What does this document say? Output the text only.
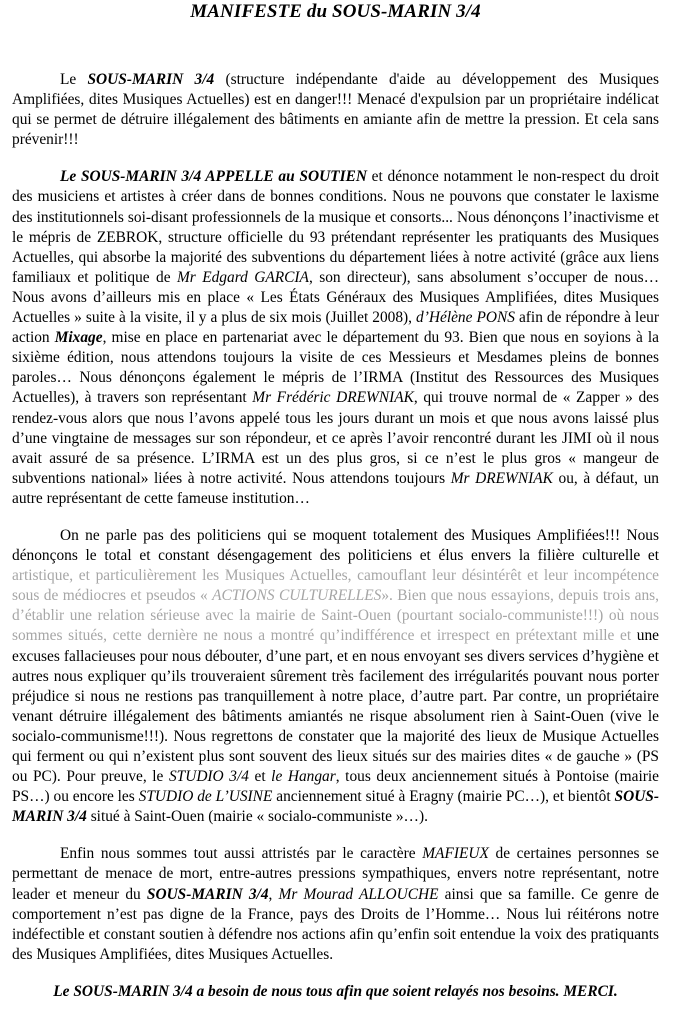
MANIFESTE du SOUS-MARIN 3/4

Le SOUS-MARIN 3/4 (structure indépendante d'aide au développement des Musiques Amplifiées, dites Musiques Actuelles) est en danger!!! Menacé d'expulsion par un propriétaire indélicat qui se permet de détruire illégalement des bâtiments en amiante afin de mettre la pression. Et cela sans prévenir!!!

Le SOUS-MARIN 3/4 APPELLE au SOUTIEN et dénonce notamment le non-respect du droit des musiciens et artistes à créer dans de bonnes conditions. Nous ne pouvons que constater le laxisme des institutionnels soi-disant professionnels de la musique et consorts... Nous dénonçons l’inactivisme et le mépris de ZEBROK, structure officielle du 93 prétendant représenter les pratiquants des Musiques Actuelles, qui absorbe la majorité des subventions du département liées à notre activité (grâce aux liens familiaux et politique de Mr Edgard GARCIA, son directeur), sans absolument s’occuper de nous… Nous avons d’ailleurs mis en place « Les États Généraux des Musiques Amplifiées, dites Musiques Actuelles » suite à la visite, il y a plus de six mois (Juillet 2008), d’Hélène PONS afin de répondre à leur action Mixage, mise en place en partenariat avec le département du 93. Bien que nous en soyions à la sixième édition, nous attendons toujours la visite de ces Messieurs et Mesdames pleins de bonnes paroles… Nous dénonçons également le mépris de l’IRMA (Institut des Ressources des Musiques Actuelles), à travers son représentant Mr Frédéric DREWNIAK, qui trouve normal de « Zapper » des rendez-vous alors que nous l’avons appelé tous les jours durant un mois et que nous avons laissé plus d’une vingtaine de messages sur son répondeur, et ce après l’avoir rencontré durant les JIMI où il nous avait assuré de sa présence. L’IRMA est un des plus gros, si ce n’est le plus gros « mangeur de subventions national» liées à notre activité. Nous attendons toujours Mr DREWNIAK ou, à défaut, un autre représentant de cette fameuse institution…

On ne parle pas des politiciens qui se moquent totalement des Musiques Amplifiées!!! Nous dénonçons le total et constant désengagement des politiciens et élus envers la filière culturelle et artistique, et particulièrement les Musiques Actuelles, camouflant leur désintérêt et leur incompétence sous de médiocres et pseudos « ACTIONS CULTURELLES». Bien que nous essayions, depuis trois ans, d’établir une relation sérieuse avec la mairie de Saint-Ouen (pourtant socialo-communiste!!!) où nous sommes situés, cette dernière ne nous a montré qu’indifférence et irrespect en prétextant mille et une excuses fallacieuses pour nous débouter, d’une part, et en nous envoyant ses divers services d’hygiène et autres nous expliquer qu’ils trouveraient sûrement très facilement des irrégularités pouvant nous porter préjudice si nous ne restions pas tranquillement à notre place, d’autre part. Par contre, un propriétaire venant détruire illégalement des bâtiments amiantés ne risque absolument rien à Saint-Ouen (vive le socialo-communisme!!!). Nous regrettons de constater que la majorité des lieux de Musique Actuelles qui ferment ou qui n’existent plus sont souvent des lieux situés sur des mairies dites « de gauche » (PS ou PC). Pour preuve, le STUDIO 3/4 et le Hangar, tous deux anciennement situés à Pontoise (mairie PS…) ou encore les STUDIO de L’USINE anciennement situé à Eragny (mairie PC…), et bientôt SOUS-MARIN 3/4 situé à Saint-Ouen (mairie « socialo-communiste »…).

Enfin nous sommes tout aussi attristés par le caractère MAFIEUX de certaines personnes se permettant de menace de mort, entre-autres pressions sympathiques, envers notre représentant, notre leader et meneur du SOUS-MARIN 3/4, Mr Mourad ALLOUCHE ainsi que sa famille. Ce genre de comportement n’est pas digne de la France, pays des Droits de l’Homme… Nous lui réitérons notre indéfectible et constant soutien à défendre nos actions afin qu’enfin soit entendue la voix des pratiquants des Musiques Amplifiées, dites Musiques Actuelles.

Le SOUS-MARIN 3/4 a besoin de nous tous afin que soient relayés nos besoins. MERCI.
